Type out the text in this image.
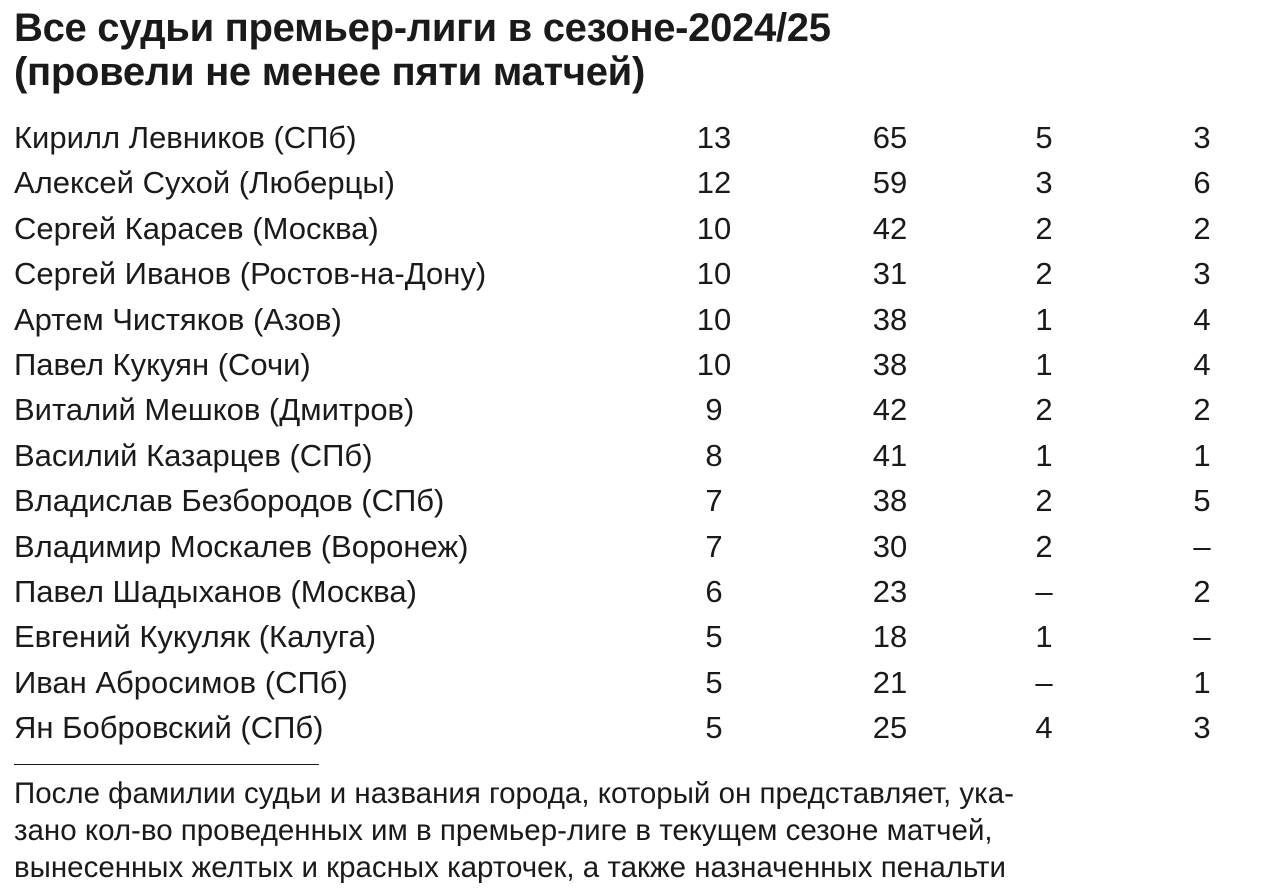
Все судьи премьер-лиги в сезоне-2024/25
(провели не менее пяти матчей)
Кирилл Левников (СПб)	13	65	5	3
Алексей Сухой (Люберцы)	12	59	3	6
Сергей Карасев (Москва)	10	42	2	2
Сергей Иванов (Ростов-на-Дону)	10	31	2	3
Артем Чистяков (Азов)	10	38	1	4
Павел Кукуян (Сочи)	10	38	1	4
Виталий Мешков (Дмитров)	9	42	2	2
Василий Казарцев (СПб)	8	41	1	1
Владислав Безбородов (СПб)	7	38	2	5
Владимир Москалев (Воронеж)	7	30	2	–
Павел Шадыханов (Москва)	6	23	–	2
Евгений Кукуляк (Калуга)	5	18	1	–
Иван Абросимов (СПб)	5	21	–	1
Ян Бобровский (СПб)	5	25	4	3
После фамилии судьи и названия города, который он представляет, ука-
зано кол-во проведенных им в премьер-лиге в текущем сезоне матчей,
вынесенных желтых и красных карточек, а также назначенных пенальти
